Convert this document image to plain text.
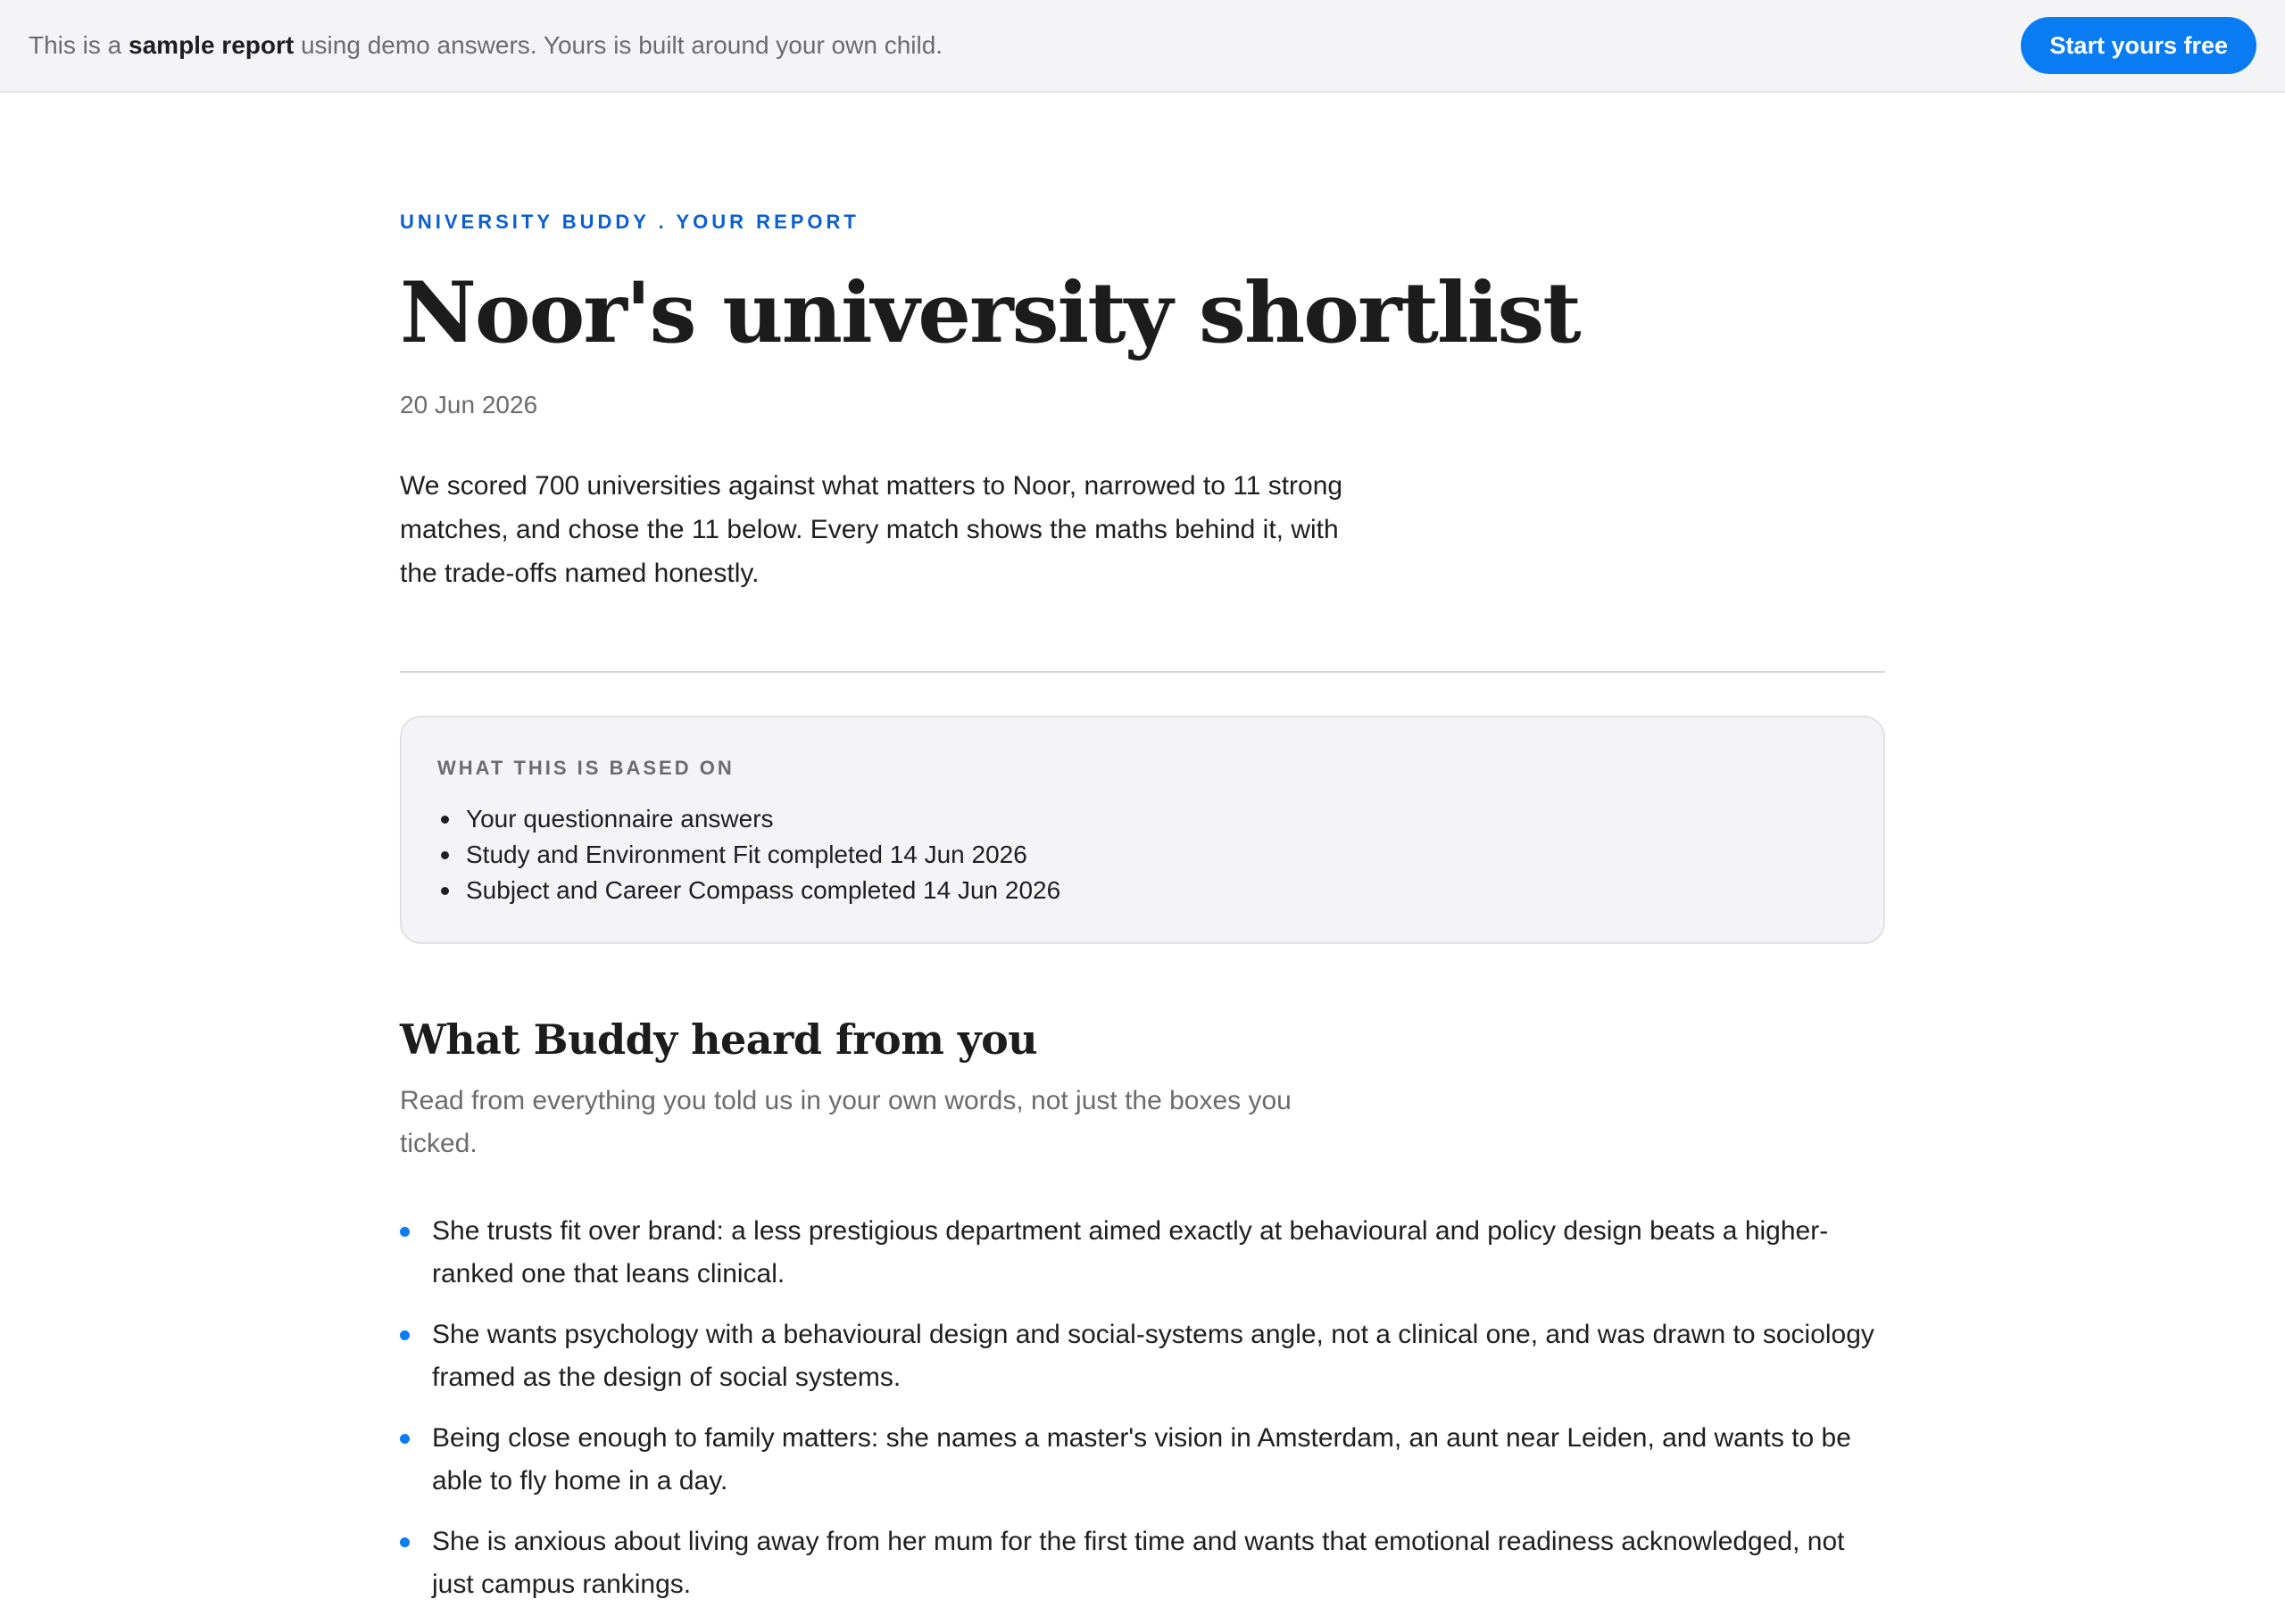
This is a sample report using demo answers. Yours is built around your own child.	Start yours free
UNIVERSITY BUDDY . YOUR REPORT
Noor's university shortlist
20 Jun 2026

We scored 700 universities against what matters to Noor, narrowed to 11 strong matches, and chose the 11 below. Every match shows the maths behind it, with the trade-offs named honestly.

WHAT THIS IS BASED ON
Your questionnaire answers
Study and Environment Fit completed 14 Jun 2026
Subject and Career Compass completed 14 Jun 2026
What Buddy heard from you

Read from everything you told us in your own words, not just the boxes you ticked.

She trusts fit over brand: a less prestigious department aimed exactly at behavioural and policy design beats a higher-ranked one that leans clinical.
She wants psychology with a behavioural design and social-systems angle, not a clinical one, and was drawn to sociology framed as the design of social systems.
Being close enough to family matters: she names a master's vision in Amsterdam, an aunt near Leiden, and wants to be able to fly home in a day.
She is anxious about living away from her mum for the first time and wants that emotional readiness acknowledged, not just campus rankings.
